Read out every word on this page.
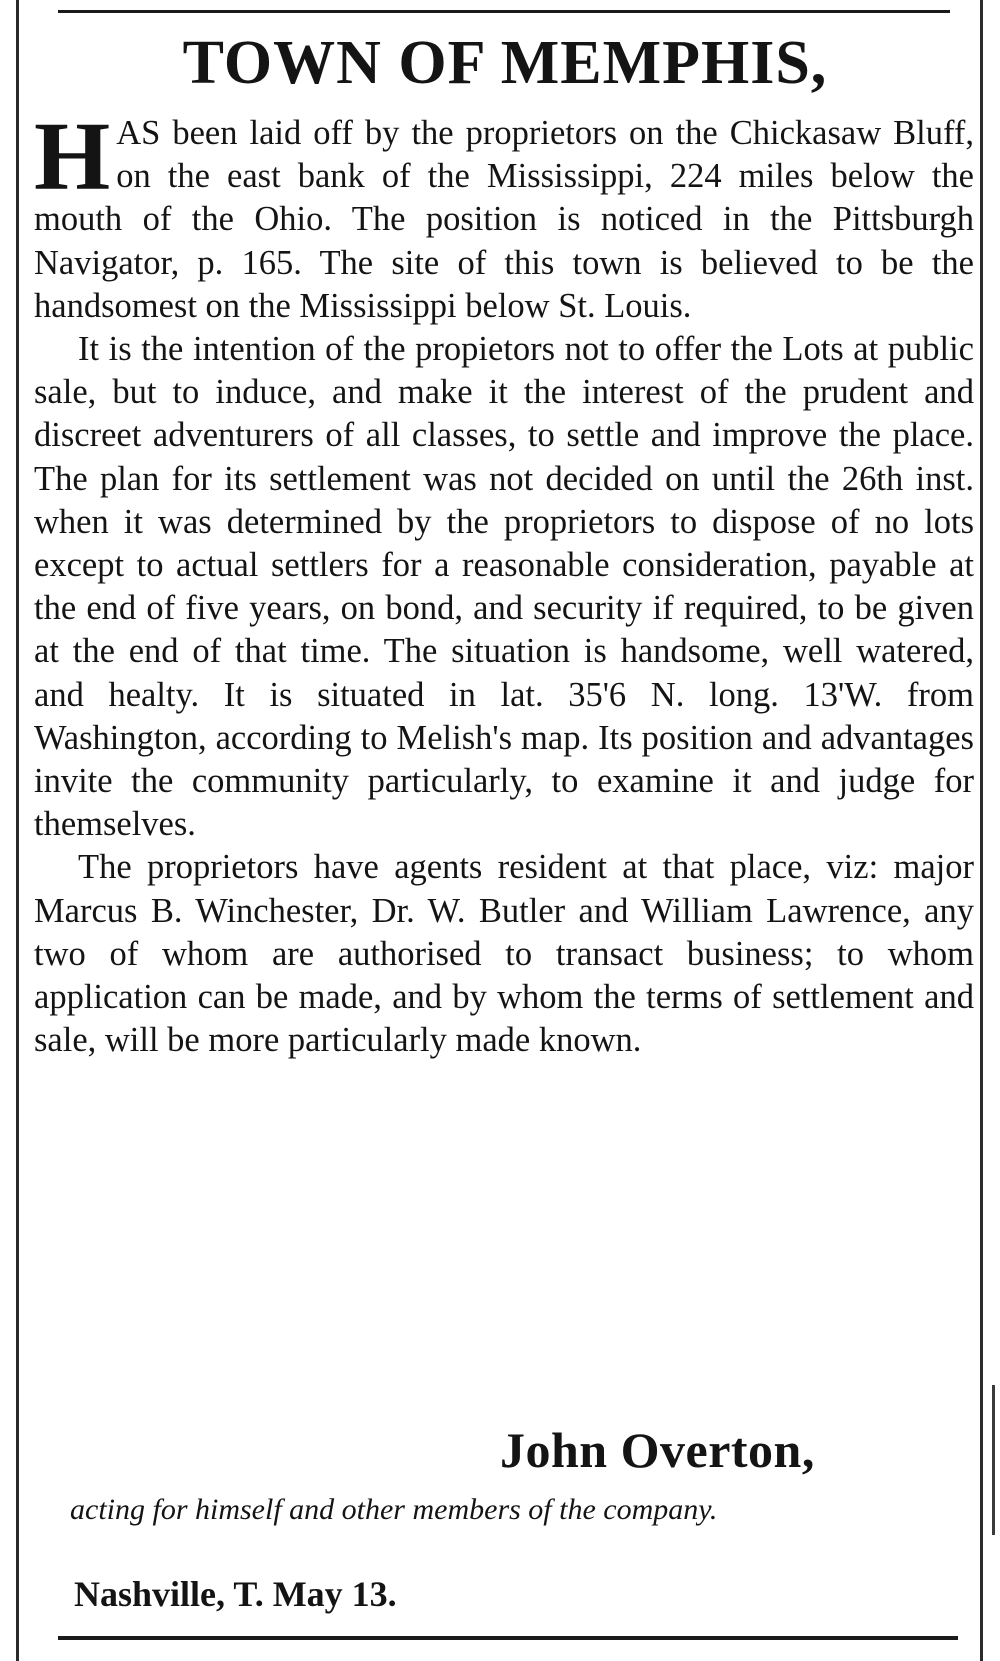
TOWN OF MEMPHIS,

HAS been laid off by the proprietors on the Chickasaw Bluff, on the east bank of the Mississippi, 224 miles below the mouth of the Ohio. The position is noticed in the Pittsburgh Navigator, p. 165. The site of this town is believed to be the handsomest on the Mississippi below St. Louis.

It is the intention of the propietors not to offer the Lots at public sale, but to induce, and make it the interest of the prudent and discreet adventurers of all classes, to settle and improve the place. The plan for its settlement was not decided on until the 26th inst. when it was determined by the proprietors to dispose of no lots except to actual settlers for a reasonable consideration, payable at the end of five years, on bond, and security if required, to be given at the end of that time. The situation is handsome, well watered, and healty. It is situated in lat. 35'6 N. long. 13'W. from Washington, according to Melish's map. Its position and advantages invite the community particularly, to examine it and judge for themselves.

The proprietors have agents resident at that place, viz: major Marcus B. Winchester, Dr. W. Butler and William Lawrence, any two of whom are authorised to transact business; to whom application can be made, and by whom the terms of settlement and sale, will be more particularly made known.

John Overton,
acting for himself and other members of the company.
Nashville, T. May 13.
